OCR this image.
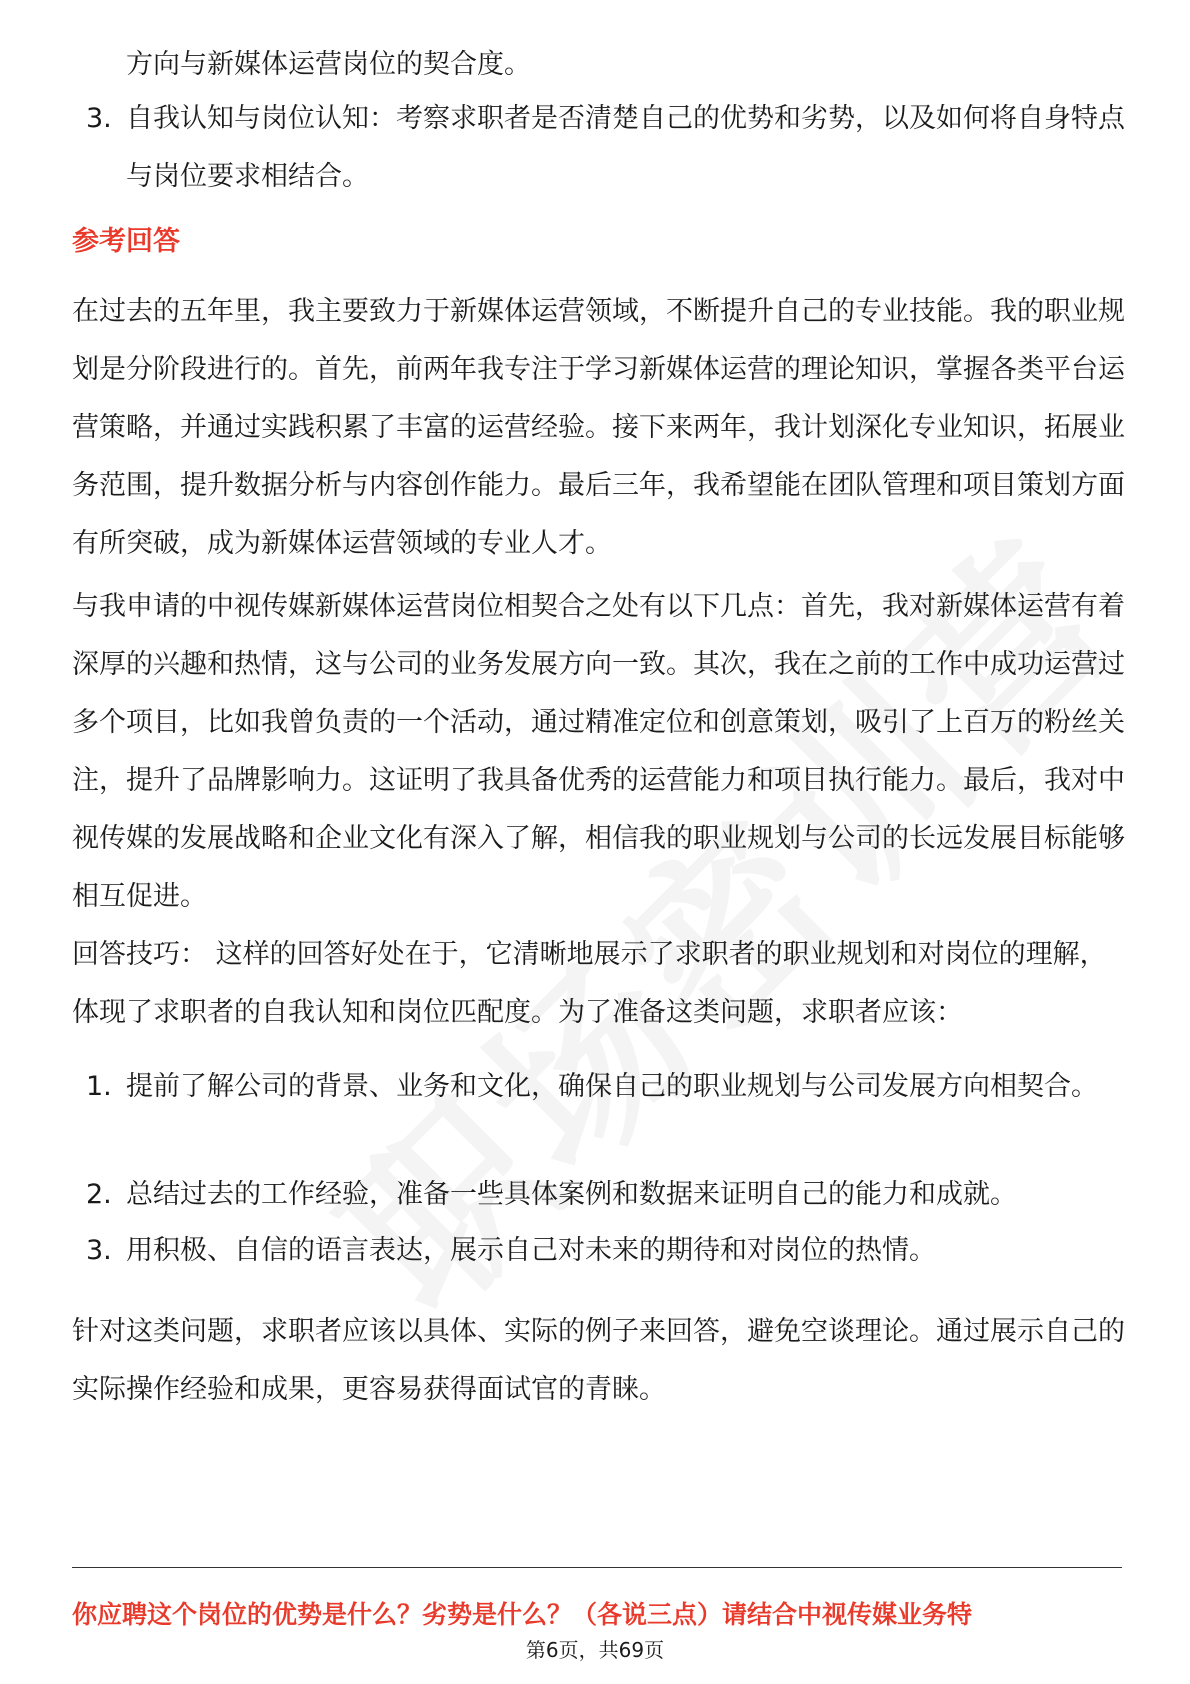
方向与新媒体运营岗位的契合度。
3. 自我认知与岗位认知：考察求职者是否清楚自己的优势和劣势，以及如何将自身特点与岗位要求相结合。
参考回答
在过去的五年里，我主要致力于新媒体运营领域，不断提升自己的专业技能。我的职业规划是分阶段进行的。首先，前两年我专注于学习新媒体运营的理论知识，掌握各类平台运营策略，并通过实践积累了丰富的运营经验。接下来两年，我计划深化专业知识，拓展业务范围，提升数据分析与内容创作能力。最后三年，我希望能在团队管理和项目策划方面有所突破，成为新媒体运营领域的专业人才。
与我申请的中视传媒新媒体运营岗位相契合之处有以下几点：首先，我对新媒体运营有着深厚的兴趣和热情，这与公司的业务发展方向一致。其次，我在之前的工作中成功运营过多个项目，比如我曾负责的一个活动，通过精准定位和创意策划，吸引了上百万的粉丝关注，提升了品牌影响力。这证明了我具备优秀的运营能力和项目执行能力。最后，我对中视传媒的发展战略和企业文化有深入了解，相信我的职业规划与公司的长远发展目标能够相互促进。
回答技巧： 这样的回答好处在于，它清晰地展示了求职者的职业规划和对岗位的理解，体现了求职者的自我认知和岗位匹配度。为了准备这类问题，求职者应该：
1. 提前了解公司的背景、业务和文化，确保自己的职业规划与公司发展方向相契合。
2. 总结过去的工作经验，准备一些具体案例和数据来证明自己的能力和成就。
3. 用积极、自信的语言表达，展示自己对未来的期待和对岗位的热情。
针对这类问题，求职者应该以具体、实际的例子来回答，避免空谈理论。通过展示自己的实际操作经验和成果，更容易获得面试官的青睐。
你应聘这个岗位的优势是什么？劣势是什么？（各说三点）请结合中视传媒业务特
第6页，共69页
